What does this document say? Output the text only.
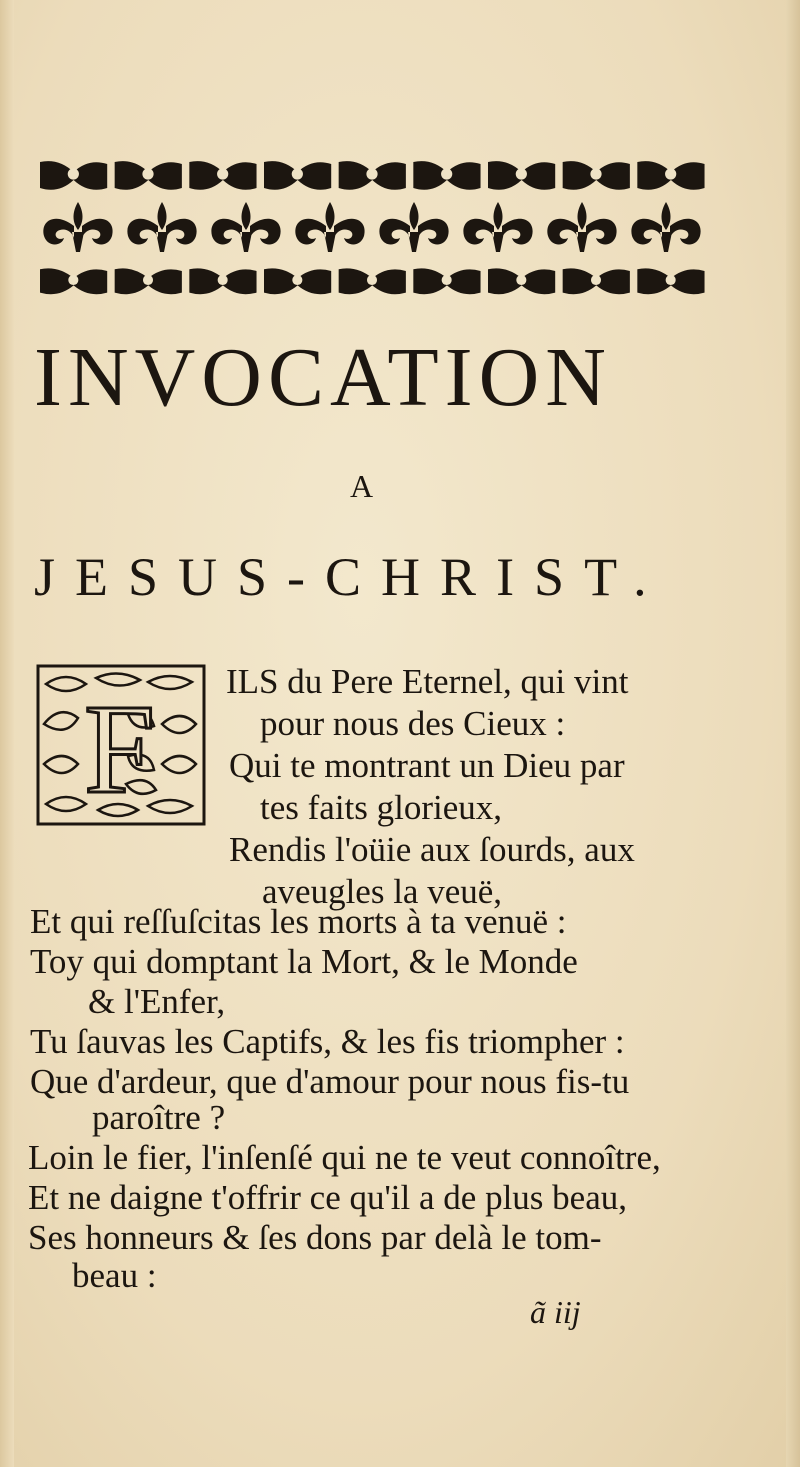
INVOCATION
A
JESUS-CHRIST.
F ILS du Pere Eternel, qui vint
pour nous des Cieux :
Qui te montrant un Dieu par
tes faits glorieux,
Rendis l'oüie aux ſourds, aux
aveugles la veuë,
Et qui reſſuſcitas les morts à ta venuë :
Toy qui domptant la Mort, & le Monde
& l'Enfer,
Tu ſauvas les Captifs, & les fis triompher :
Que d'ardeur, que d'amour pour nous fis-tu
paroître ?
Loin le fier, l'inſenſé qui ne te veut connoître,
Et ne daigne t'offrir ce qu'il a de plus beau,
Ses honneurs & ſes dons par delà le tom-
beau :
ã iij
